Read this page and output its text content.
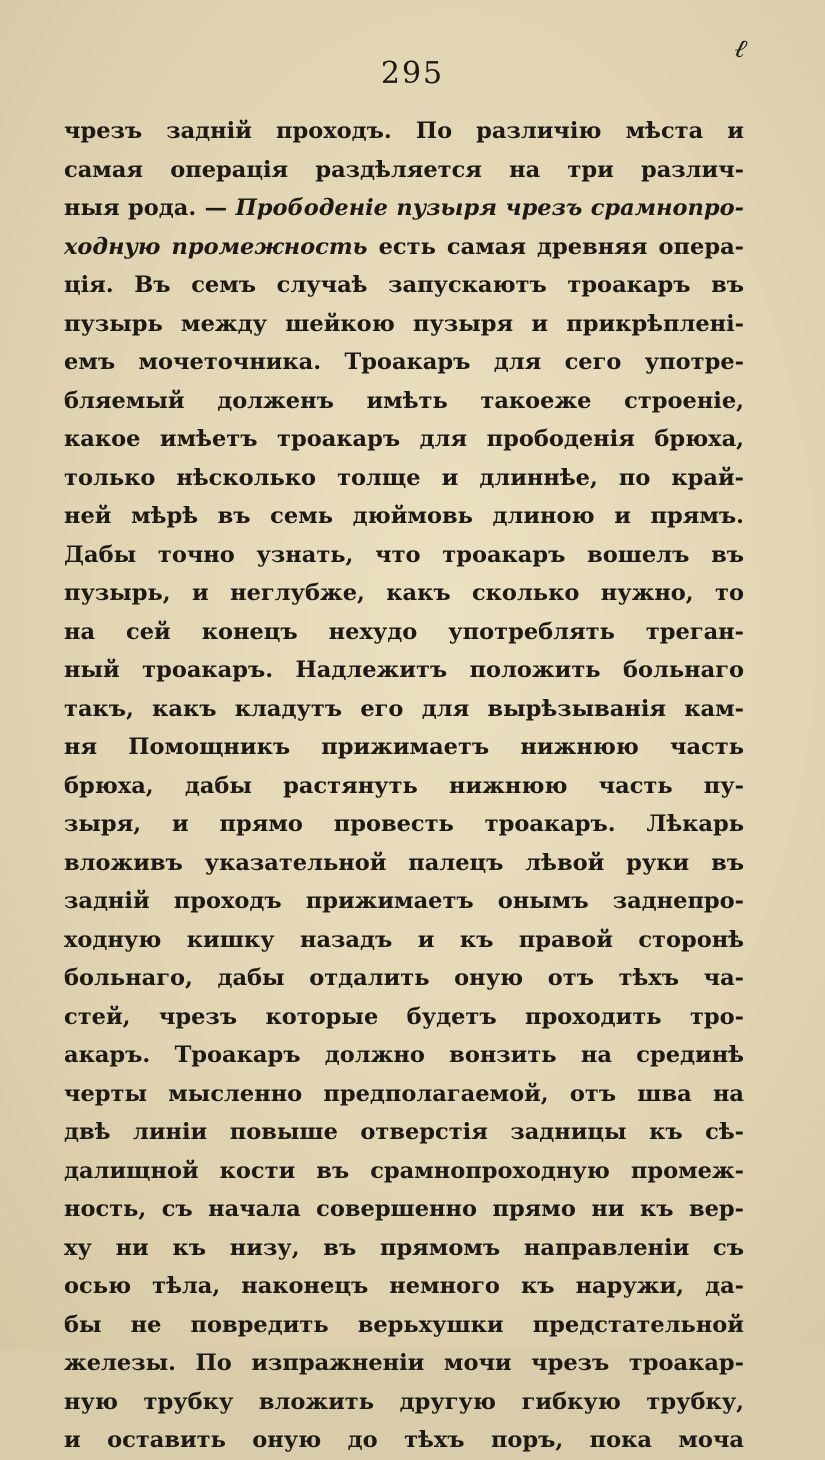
295
ℓ
чрезъ задній проходъ. По различію мѣста и
самая операція раздѣляется на три различ-
ныя рода. — Прободенiе пузыря чрезъ срамнопро-
ходную промежность есть самая древняя опера-
ція. Въ семъ случаѣ запускаютъ троакаръ въ
пузырь между шейкою пузыря и прикрѣпленi-
емъ мочеточника. Троакаръ для сего употре-
бляемый долженъ имѣть такоеже строенiе,
какое имѣетъ троакаръ для прободенія брюха,
только нѣсколько толще и длиннѣе, по край-
ней мѣрѣ въ семь дюймовь длиною и прямъ.
Дабы точно узнать, что троакаръ вошелъ въ
пузырь, и неглубже, какъ сколько нужно, то
на сей конецъ нехудо употреблять треган-
ный троакаръ. Надлежитъ положить больнаго
такъ, какъ кладутъ его для вырѣзыванія кам-
ня Помощникъ прижимаетъ нижнюю часть
брюха, дабы растянуть нижнюю часть пу-
зыря, и прямо провесть троакаръ. Лѣкарь
вложивъ указательной палецъ лѣвой руки въ
задній проходъ прижимаетъ онымъ заднепро-
ходную кишку назадъ и къ правой сторонѣ
больнаго, дабы отдалить оную отъ тѣхъ ча-
стей, чрезъ которые будетъ проходить тро-
акаръ. Троакаръ должно вонзить на срединѣ
черты мысленно предполагаемой, отъ шва на
двѣ линiи повыше отверстія задницы къ сѣ-
далищной кости въ срамнопроходную промеж-
ность, съ начала совершенно прямо ни къ вер-
ху ни къ низу, въ прямомъ направленiи съ
осью тѣла, наконецъ немного къ наружи, да-
бы не повредить верьхушки предстательной
железы. По изпражненiи мочи чрезъ троакар-
ную трубку вложить другую гибкую трубку,
и оставить оную до тѣхъ поръ, пока моча
